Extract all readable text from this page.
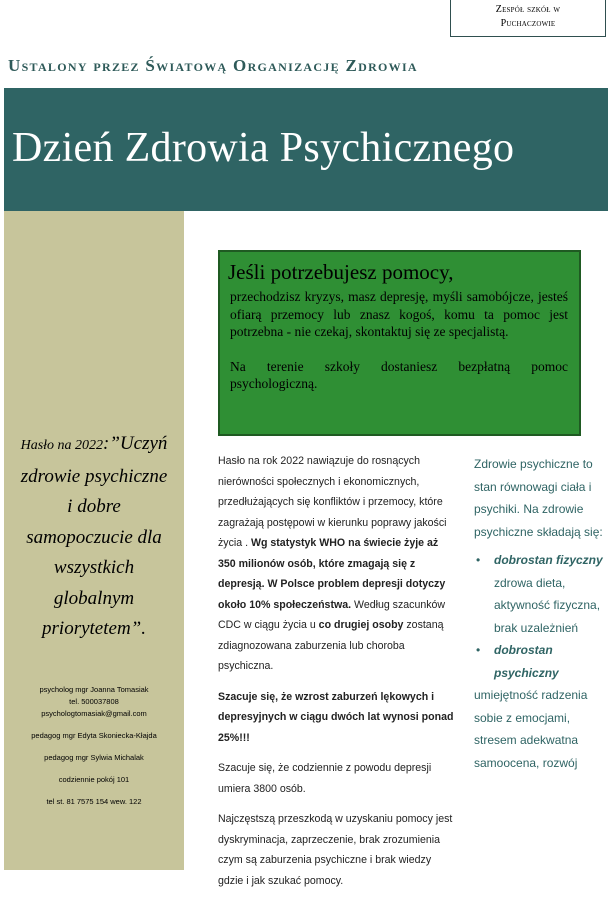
Zespół szkół w
Puchaczowie
Ustalony przez Światową Organizację Zdrowia
Dzień Zdrowia Psychicznego
Hasło na 2022:”Uczyń
zdrowie psychiczne
i dobre
samopoczucie dla
wszystkich
globalnym
priorytetem”.
psycholog mgr Joanna Tomasiak
tel. 500037808
psychologtomasiak@gmail.com
pedagog mgr Edyta Skoniecka-Kłajda
pedagog mgr Sylwia Michalak
codziennie pokój 101
tel st. 81 7575 154 wew. 122
Jeśli potrzebujesz pomocy,

przechodzisz kryzys, masz depresję, myśli samobójcze, jesteś ofiarą przemocy lub znasz kogoś, komu ta pomoc jest potrzebna - nie czekaj, skontaktuj się ze specjalistą.

Na terenie szkoły dostaniesz bezpłatną pomoc psychologiczną.

Hasło na rok 2022 nawiązuje do rosnących nierówności społecznych i ekonomicznych, przedłużających się konfliktów i przemocy, które zagrażają postępowi w kierunku poprawy jakości życia . Wg statystyk WHO na świecie żyje aż 350 milionów osób, które zmagają się z depresją. W Polsce problem depresji dotyczy około 10% społeczeństwa. Według szacunków CDC w ciągu życia u co drugiej osoby zostaną zdiagnozowana zaburzenia lub choroba psychiczna.

Szacuje się, że wzrost zaburzeń lękowych i depresyjnych w ciągu dwóch lat wynosi ponad 25%!!!

Szacuje się, że codziennie z powodu depresji umiera 3800 osób.

Najczęstszą przeszkodą w uzyskaniu pomocy jest dyskryminacja, zaprzeczenie, brak zrozumienia czym są zaburzenia psychiczne i brak wiedzy gdzie i jak szukać pomocy.

Zdrowie psychiczne to stan równowagi ciała i psychiki. Na zdrowie psychiczne składają się:

• dobrostan fizyczny
zdrowa dieta, aktywność fizyczna, brak uzależnień
• dobrostan psychiczny

umiejętność radzenia sobie z emocjami, stresem adekwatna samoocena, rozwój
